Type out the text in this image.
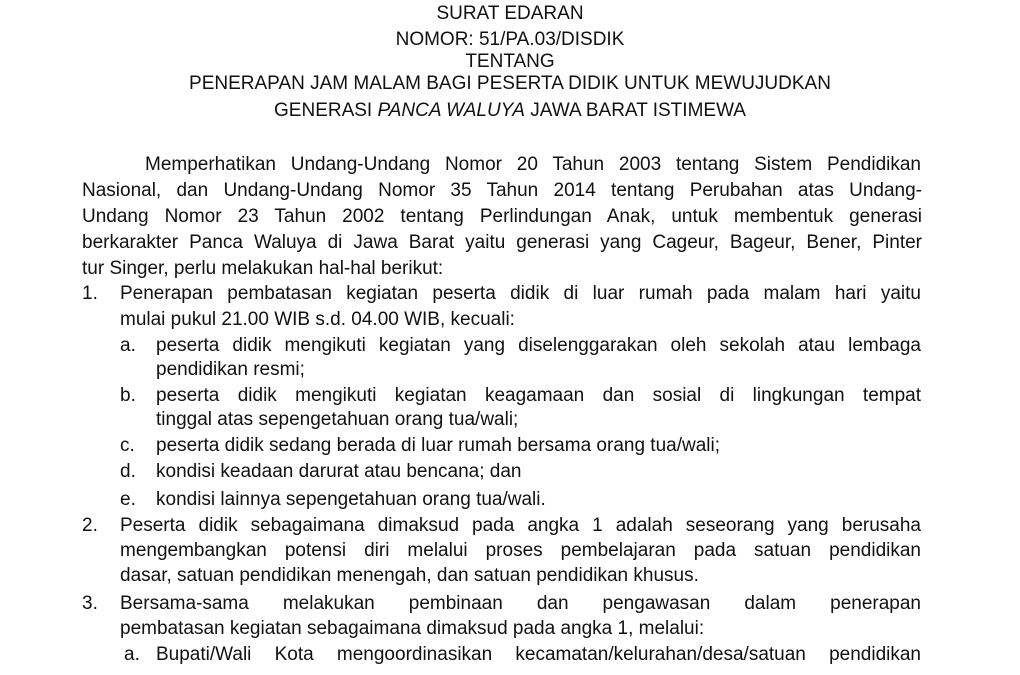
SURAT EDARAN
NOMOR: 51/PA.03/DISDIK
TENTANG
PENERAPAN JAM MALAM BAGI PESERTA DIDIK UNTUK MEWUJUDKAN
GENERASI PANCA WALUYA JAWA BARAT ISTIMEWA
Memperhatikan Undang-Undang Nomor 20 Tahun 2003 tentang Sistem Pendidikan
Nasional, dan Undang-Undang Nomor 35 Tahun 2014 tentang Perubahan atas Undang-
Undang Nomor 23 Tahun 2002 tentang Perlindungan Anak, untuk membentuk generasi
berkarakter Panca Waluya di Jawa Barat yaitu generasi yang Cageur, Bageur, Bener, Pinter
tur Singer, perlu melakukan hal-hal berikut:
1. Penerapan pembatasan kegiatan peserta didik di luar rumah pada malam hari yaitu
mulai pukul 21.00 WIB s.d. 04.00 WIB, kecuali:
a. peserta didik mengikuti kegiatan yang diselenggarakan oleh sekolah atau lembaga
pendidikan resmi;
b. peserta didik mengikuti kegiatan keagamaan dan sosial di lingkungan tempat
tinggal atas sepengetahuan orang tua/wali;
c. peserta didik sedang berada di luar rumah bersama orang tua/wali;
d. kondisi keadaan darurat atau bencana; dan
e. kondisi lainnya sepengetahuan orang tua/wali.
2. Peserta didik sebagaimana dimaksud pada angka 1 adalah seseorang yang berusaha
mengembangkan potensi diri melalui proses pembelajaran pada satuan pendidikan
dasar, satuan pendidikan menengah, dan satuan pendidikan khusus.
3. Bersama-sama melakukan pembinaan dan pengawasan dalam penerapan
pembatasan kegiatan sebagaimana dimaksud pada angka 1, melalui:
a. Bupati/Wali Kota mengoordinasikan kecamatan/kelurahan/desa/satuan pendidikan
